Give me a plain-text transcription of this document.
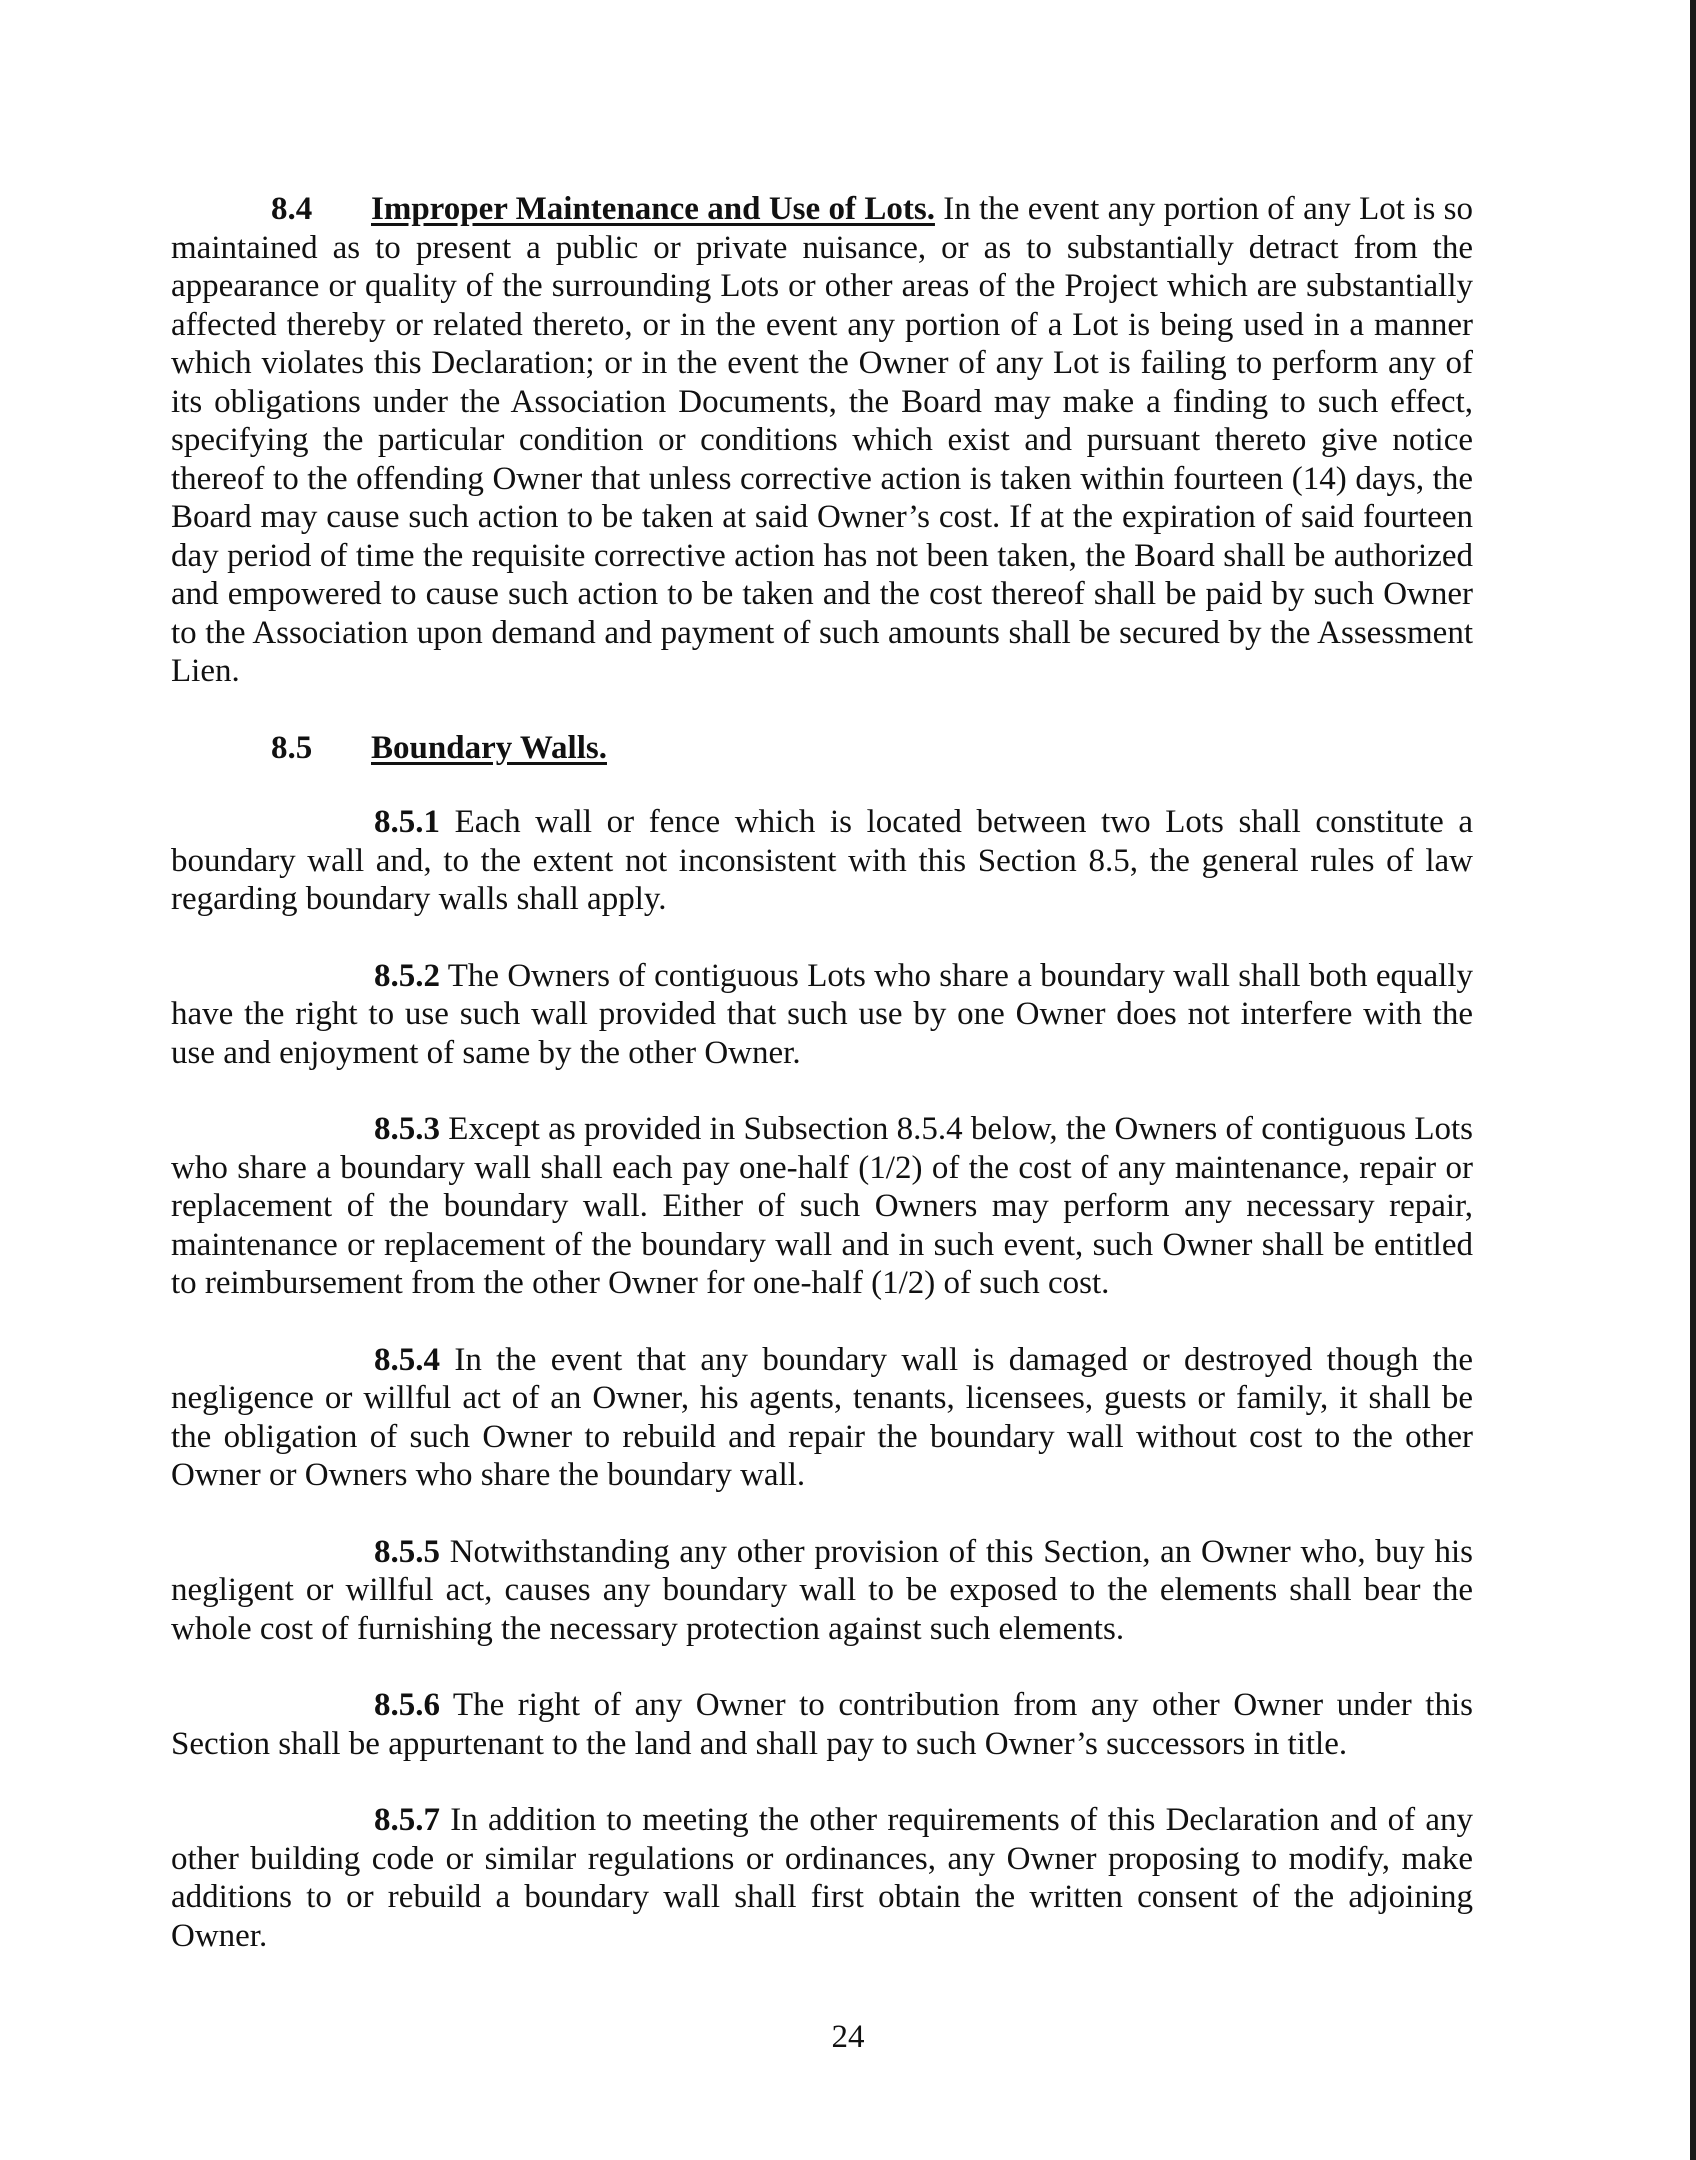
8.4 Improper Maintenance and Use of Lots. In the event any portion of any Lot is so maintained as to present a public or private nuisance, or as to substantially detract from the appearance or quality of the surrounding Lots or other areas of the Project which are substantially affected thereby or related thereto, or in the event any portion of a Lot is being used in a manner which violates this Declaration; or in the event the Owner of any Lot is failing to perform any of its obligations under the Association Documents, the Board may make a finding to such effect, specifying the particular condition or conditions which exist and pursuant thereto give notice thereof to the offending Owner that unless corrective action is taken within fourteen (14) days, the Board may cause such action to be taken at said Owner’s cost. If at the expiration of said fourteen day period of time the requisite corrective action has not been taken, the Board shall be authorized and empowered to cause such action to be taken and the cost thereof shall be paid by such Owner to the Association upon demand and payment of such amounts shall be secured by the Assessment Lien.

8.5 Boundary Walls.

8.5.1 Each wall or fence which is located between two Lots shall constitute a boundary wall and, to the extent not inconsistent with this Section 8.5, the general rules of law regarding boundary walls shall apply.

8.5.2 The Owners of contiguous Lots who share a boundary wall shall both equally have the right to use such wall provided that such use by one Owner does not interfere with the use and enjoyment of same by the other Owner.

8.5.3 Except as provided in Subsection 8.5.4 below, the Owners of contiguous Lots who share a boundary wall shall each pay one-half (1/2) of the cost of any maintenance, repair or replacement of the boundary wall. Either of such Owners may perform any necessary repair, maintenance or replacement of the boundary wall and in such event, such Owner shall be entitled to reimbursement from the other Owner for one-half (1/2) of such cost.

8.5.4 In the event that any boundary wall is damaged or destroyed though the negligence or willful act of an Owner, his agents, tenants, licensees, guests or family, it shall be the obligation of such Owner to rebuild and repair the boundary wall without cost to the other Owner or Owners who share the boundary wall.

8.5.5 Notwithstanding any other provision of this Section, an Owner who, buy his negligent or willful act, causes any boundary wall to be exposed to the elements shall bear the whole cost of furnishing the necessary protection against such elements.

8.5.6 The right of any Owner to contribution from any other Owner under this Section shall be appurtenant to the land and shall pay to such Owner’s successors in title.

8.5.7 In addition to meeting the other requirements of this Declaration and of any other building code or similar regulations or ordinances, any Owner proposing to modify, make additions to or rebuild a boundary wall shall first obtain the written consent of the adjoining Owner.

24
